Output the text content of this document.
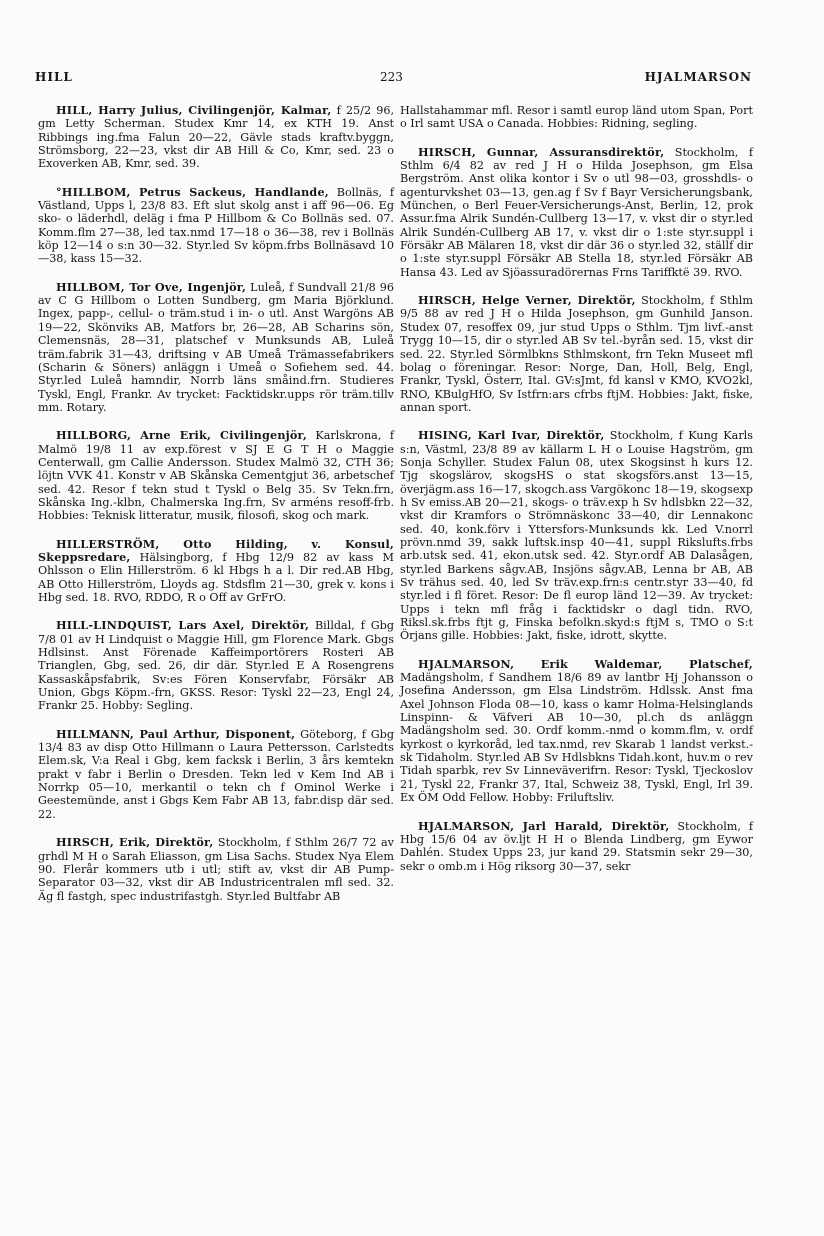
HILL	223	HJALMARSON

HILL, Harry Julius, Civilingenjör, Kalmar, f 25/2 96, gm Letty Scherman. Studex Kmr 14, ex KTH 19. Anst Ribbings ing.fma Falun 20—22, Gävle stads kraftv.byggn, Strömsborg, 22—23, vkst dir AB Hill & Co, Kmr, sed. 23 o Exoverken AB, Kmr, sed. 39.

°HILLBOM, Petrus Sackeus, Handlande, Bollnäs, f Västland, Upps l, 23/8 83. Eft slut skolg anst i aff 96—06. Eg sko- o läderhdl, deläg i fma P Hillbom & Co Bollnäs sed. 07. Komm.flm 27—38, led tax.nmd 17—18 o 36—38, rev i Bollnäs köp 12—14 o s:n 30—32. Styr.led Sv köpm.frbs Bollnäsavd 10—38, kass 15—32.

HILLBOM, Tor Ove, Ingenjör, Luleå, f Sundvall 21/8 96 av C G Hillbom o Lotten Sundberg, gm Maria Björklund. Ingex, papp-, cellul- o träm.stud i in- o utl. Anst Wargöns AB 19—22, Skönviks AB, Matfors br, 26—28, AB Scharins sön, Clemensnäs, 28—31, platschef v Munksunds AB, Luleå träm.fabrik 31—43, driftsing v AB Umeå Trämassefabrikers (Scharin & Söners) anläggn i Umeå o Sofiehem sed. 44. Styr.led Luleå hamndir, Norrb läns småind.frn. Studieres Tyskl, Engl, Frankr. Av trycket: Facktidskr.upps rör träm.tillv mm. Rotary.

HILLBORG, Arne Erik, Civilingenjör, Karlskrona, f Malmö 19/8 11 av exp.förest v SJ E G T H o Maggie Centerwall, gm Callie Andersson. Studex Malmö 32, CTH 36; löjtn VVK 41. Konstr v AB Skånska Cementgjut 36, arbetschef sed. 42. Resor f tekn stud t Tyskl o Belg 35. Sv Tekn.frn, Skånska Ing.-klbn, Chalmerska Ing.frn, Sv arméns resoff-frb. Hobbies: Teknisk litteratur, musik, filosofi, skog och mark.

HILLERSTRÖM, Otto Hilding, v. Konsul, Skeppsredare, Hälsingborg, f Hbg 12/9 82 av kass M Ohlsson o Elin Hillerström. 6 kl Hbgs h a l. Dir red.AB Hbg, AB Otto Hillerström, Lloyds ag. Stdsflm 21—30, grek v. kons i Hbg sed. 18. RVO, RDDO, R o Off av GrFrO.

HILL-LINDQUIST, Lars Axel, Direktör, Billdal, f Gbg 7/8 01 av H Lindquist o Maggie Hill, gm Florence Mark. Gbgs Hdlsinst. Anst Förenade Kaffeimportörers Rosteri AB Trianglen, Gbg, sed. 26, dir där. Styr.led E A Rosengrens Kassaskåpsfabrik, Sv:es Fören Konservfabr, Försäkr AB Union, Gbgs Köpm.-frn, GKSS. Resor: Tyskl 22—23, Engl 24, Frankr 25. Hobby: Segling.

HILLMANN, Paul Arthur, Disponent, Göteborg, f Gbg 13/4 83 av disp Otto Hillmann o Laura Pettersson. Carlstedts Elem.sk, V:a Real i Gbg, kem facksk i Berlin, 3 års kemtekn prakt v fabr i Berlin o Dresden. Tekn led v Kem Ind AB i Norrkp 05—10, merkantil o tekn ch f Ominol Werke i Geestemünde, anst i Gbgs Kem Fabr AB 13, fabr.disp där sed. 22.

HIRSCH, Erik, Direktör, Stockholm, f Sthlm 26/7 72 av grhdl M H o Sarah Eliasson, gm Lisa Sachs. Studex Nya Elem 90. Flerår kommers utb i utl; stift av, vkst dir AB Pump-Separator 03—32, vkst dir AB Industricentralen mfl sed. 32. Äg fl fastgh, spec industrifastgh. Styr.led Bultfabr AB

Hallstahammar mfl. Resor i samtl europ länd utom Span, Port o Irl samt USA o Canada. Hobbies: Ridning, segling.

HIRSCH, Gunnar, Assuransdirektör, Stockholm, f Sthlm 6/4 82 av red J H o Hilda Josephson, gm Elsa Bergström. Anst olika kontor i Sv o utl 98—03, grosshdls- o agenturvkshet 03—13, gen.ag f Sv f Bayr Versicherungsbank, München, o Berl Feuer-Versicherungs-Anst, Berlin, 12, prok Assur.fma Alrik Sundén-Cullberg 13—17, v. vkst dir o styr.led Alrik Sundén-Cullberg AB 17, v. vkst dir o 1:ste styr.suppl i Försäkr AB Mälaren 18, vkst dir där 36 o styr.led 32, ställf dir o 1:ste styr.suppl Försäkr AB Stella 18, styr.led Försäkr AB Hansa 43. Led av Sjöassuradörernas Frns Tariffktë 39. RVO.

HIRSCH, Helge Verner, Direktör, Stockholm, f Sthlm 9/5 88 av red J H o Hilda Josephson, gm Gunhild Janson. Studex 07, resoffex 09, jur stud Upps o Sthlm. Tjm livf.-anst Trygg 10—15, dir o styr.led AB Sv tel.-byrån sed. 15, vkst dir sed. 22. Styr.led Sörmlbkns Sthlmskont, frn Tekn Museet mfl bolag o föreningar. Resor: Norge, Dan, Holl, Belg, Engl, Frankr, Tyskl, Österr, Ital. GV:sJmt, fd kansl v KMO, KVO2kl, RNO, KBulgHfO, Sv Istfrn:ars cfrbs ftjM. Hobbies: Jakt, fiske, annan sport.

HISING, Karl Ivar, Direktör, Stockholm, f Kung Karls s:n, Västml, 23/8 89 av källarm L H o Louise Hagström, gm Sonja Schyller. Studex Falun 08, utex Skogsinst h kurs 12. Tjg skogslärov, skogsHS o stat skogsförs.anst 13—15, överjägm.ass 16—17, skogch.ass Vargökonc 18—19, skogsexp h Sv emiss.AB 20—21, skogs- o träv.exp h Sv hdlsbkn 22—32, vkst dir Kramfors o Strömnäskonc 33—40, dir Lennakonc sed. 40, konk.förv i Yttersfors-Munksunds kk. Led V.norrl prövn.nmd 39, sakk luftsk.insp 40—41, suppl Rikslufts.frbs arb.utsk sed. 41, ekon.utsk sed. 42. Styr.ordf AB Dalasågen, styr.led Barkens sågv.AB, Insjöns sågv.AB, Lenna br AB, AB Sv trähus sed. 40, led Sv träv.exp.frn:s centr.styr 33—40, fd styr.led i fl föret. Resor: De fl europ länd 12—39. Av trycket: Upps i tekn mfl fråg i facktidskr o dagl tidn. RVO, Riksl.sk.frbs ftjt g, Finska befolkn.skyd:s ftjM s, TMO o S:t Örjans gille. Hobbies: Jakt, fiske, idrott, skytte.

HJALMARSON, Erik Waldemar, Platschef, Madängsholm, f Sandhem 18/6 89 av lantbr Hj Johansson o Josefina Andersson, gm Elsa Lindström. Hdlssk. Anst fma Axel Johnson Floda 08—10, kass o kamr Holma-Helsinglands Linspinn- & Väfveri AB 10—30, pl.ch ds anläggn Madängsholm sed. 30. Ordf komm.-nmd o komm.flm, v. ordf kyrkost o kyrkoråd, led tax.nmd, rev Skarab 1 landst verkst.-sk Tidaholm. Styr.led AB Sv Hdlsbkns Tidah.kont, huv.m o rev Tidah sparbk, rev Sv Linneväverifrn. Resor: Tyskl, Tjeckoslov 21, Tyskl 22, Frankr 37, Ital, Schweiz 38, Tyskl, Engl, Irl 39. Ex ÖM Odd Fellow. Hobby: Friluftsliv.

HJALMARSON, Jarl Harald, Direktör, Stockholm, f Hbg 15/6 04 av öv.ljt H H o Blenda Lindberg, gm Eywor Dahlén. Studex Upps 23, jur kand 29. Statsmin sekr 29—30, sekr o omb.m i Hög riksorg 30—37, sekr
